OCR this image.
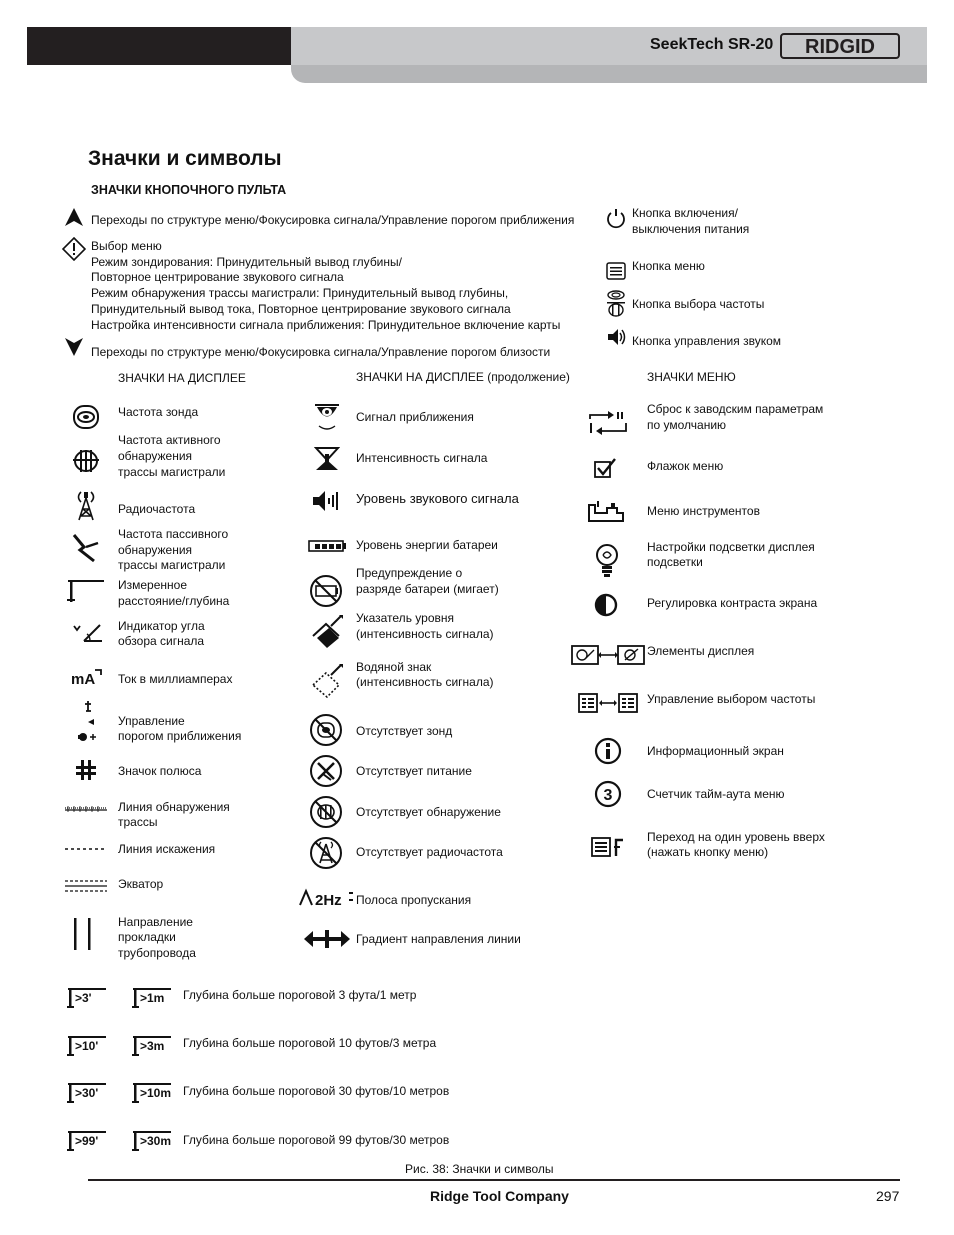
SeekTech SR-20 RIDGID
Значки и символы
ЗНАЧКИ КНОПОЧНОГО ПУЛЬТА
Переходы по структуре меню/Фокусировка сигнала/Управление порогом приближения
Выбор меню
Режим зондирования: Принудительный вывод глубины/
Повторное центрирование звукового сигнала
Режим обнаружения трассы магистрали: Принудительный вывод глубины,
Принудительный вывод тока, Повторное центрирование звукового сигнала
Настройка интенсивности сигнала приближения: Принудительное включение карты
Переходы по структуре меню/Фокусировка сигнала/Управление порогом близости
Кнопка включения/
выключения питания
Кнопка меню
Кнопка выбора частоты
Кнопка управления звуком
ЗНАЧКИ НА ДИСПЛЕЕ	ЗНАЧКИ НА ДИСПЛЕЕ (продолжение)	ЗНАЧКИ МЕНЮ
Частота зонда
Частота активного
обнаружения
трассы магистрали
Радиочастота
Частота пассивного
обнаружения
трассы магистрали
Измеренное
расстояние/глубина
Индикатор угла
обзора сигнала
mA Ток в миллиамперах
Управление
порогом приближения
Значок полюса
Линия обнаружения
трассы
Линия искажения
Экватор
Направление
прокладки
трубопровода
Сигнал приближения
Интенсивность сигнала
Уровень звукового сигнала
Уровень энергии батареи
Предупреждение о
разряде батареи (мигает)
Указатель уровня
(интенсивность сигнала)
Водяной знак
(интенсивность сигнала)
Отсутствует зонд
Отсутствует питание
Отсутствует обнаружение
Отсутствует радиочастота
2Hz Полоса пропускания
Градиент направления линии
Сброс к заводским параметрам
по умолчанию
Флажок меню
Меню инструментов
Настройки подсветки дисплея
подсветки
Регулировка контраста экрана
Элементы дисплея
Управление выбором частоты
Информационный экран
3	Счетчик тайм-аута меню
Переход на один уровень вверх
(нажать кнопку меню)
>3'	>1m Глубина больше пороговой 3 фута/1 метр
>10'	>3m Глубина больше пороговой 10 футов/3 метра
>30'	>10m Глубина больше пороговой 30 футов/10 метров
>99'	>30m Глубина больше пороговой 99 футов/30 метров
Рис. 38: Значки и символы
Ridge Tool Company	297
